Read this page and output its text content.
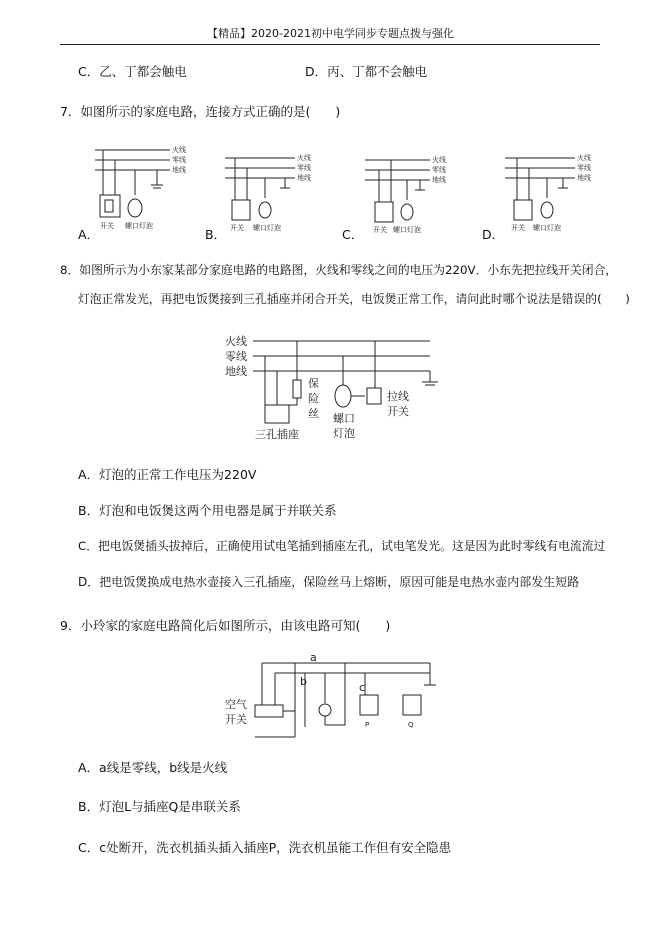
【精品】2020-2021初中电学同步专题点拨与强化
C．乙、丁都会触电	D．丙、丁都不会触电
7．如图所示的家庭电路，连接方式正确的是(　　)
火线
零线
地线
开关 螺口灯泡
火线
零线
地线
开关 螺口灯泡
火线
零线
地线
开关 螺口灯泡
火线
零线
地线
开关 螺口灯泡
火线
零线
地线
三孔插座
保
险
丝 螺口
灯泡
拉线
开关
空气
开关
a
b	c
P	Q
A．	B．	C．	D．
8．如图所示为小东家某部分家庭电路的电路图，火线和零线之间的电压为220V．小东先把拉线开关闭合，
灯泡正常发光，再把电饭煲接到三孔插座并闭合开关，电饭煲正常工作，请问此时哪个说法是错误的(　　)
A．灯泡的正常工作电压为220V
B．灯泡和电饭煲这两个用电器是属于并联关系
C．把电饭煲插头拔掉后，正确使用试电笔插到插座左孔，试电笔发光。这是因为此时零线有电流流过
D．把电饭煲换成电热水壶接入三孔插座，保险丝马上熔断，原因可能是电热水壶内部发生短路
9．小玲家的家庭电路简化后如图所示，由该电路可知(　　)
A．a线是零线，b线是火线
B．灯泡L与插座Q是串联关系
C．c处断开，洗衣机插头插入插座P，洗衣机虽能工作但有安全隐患
